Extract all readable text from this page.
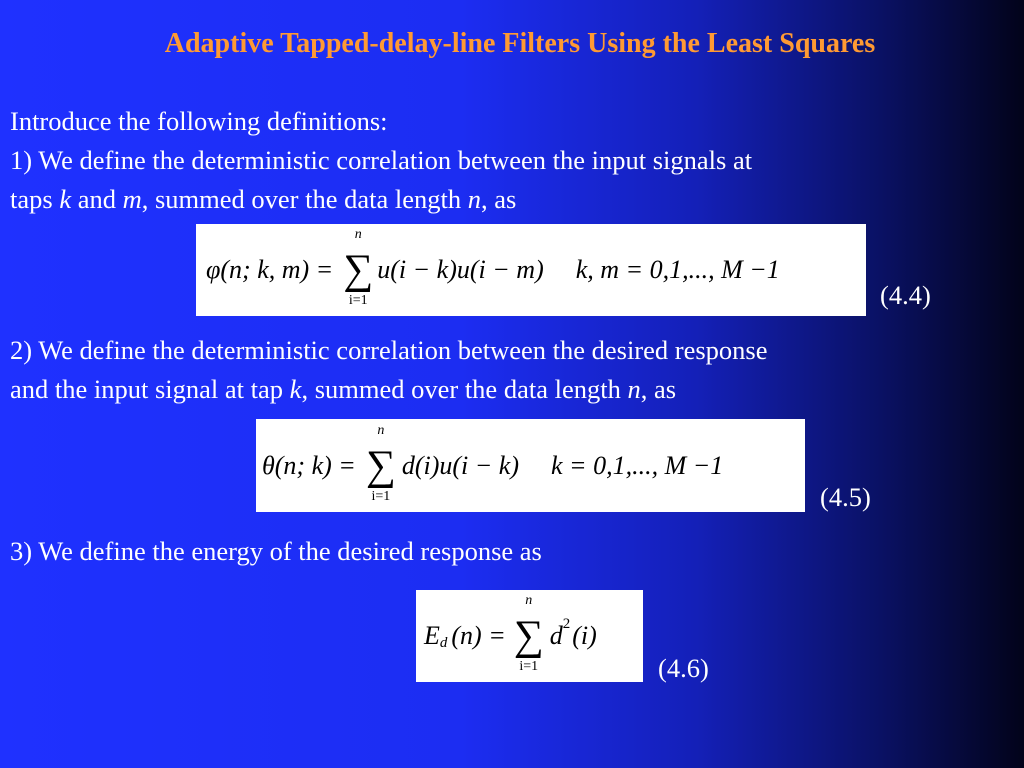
Adaptive Tapped-delay-line Filters Using the Least Squares
Introduce the following definitions:
1) We define the deterministic correlation between the input signals at
taps k and m, summed over the data length n, as
φ(n; k, m) =
n
∑
i=1
u(i − k)u(i − m) k, m = 0,1,..., M −1
(4.4)
2) We define the deterministic correlation between the desired response
and the input signal at tap k, summed over the data length n, as
θ(n; k) =
n
∑
i=1
d(i)u(i − k) k = 0,1,..., M −1
(4.5)
3) We define the energy of the desired response as
E d (n) =
n
∑
i=1
d 2 (i)
(4.6)
